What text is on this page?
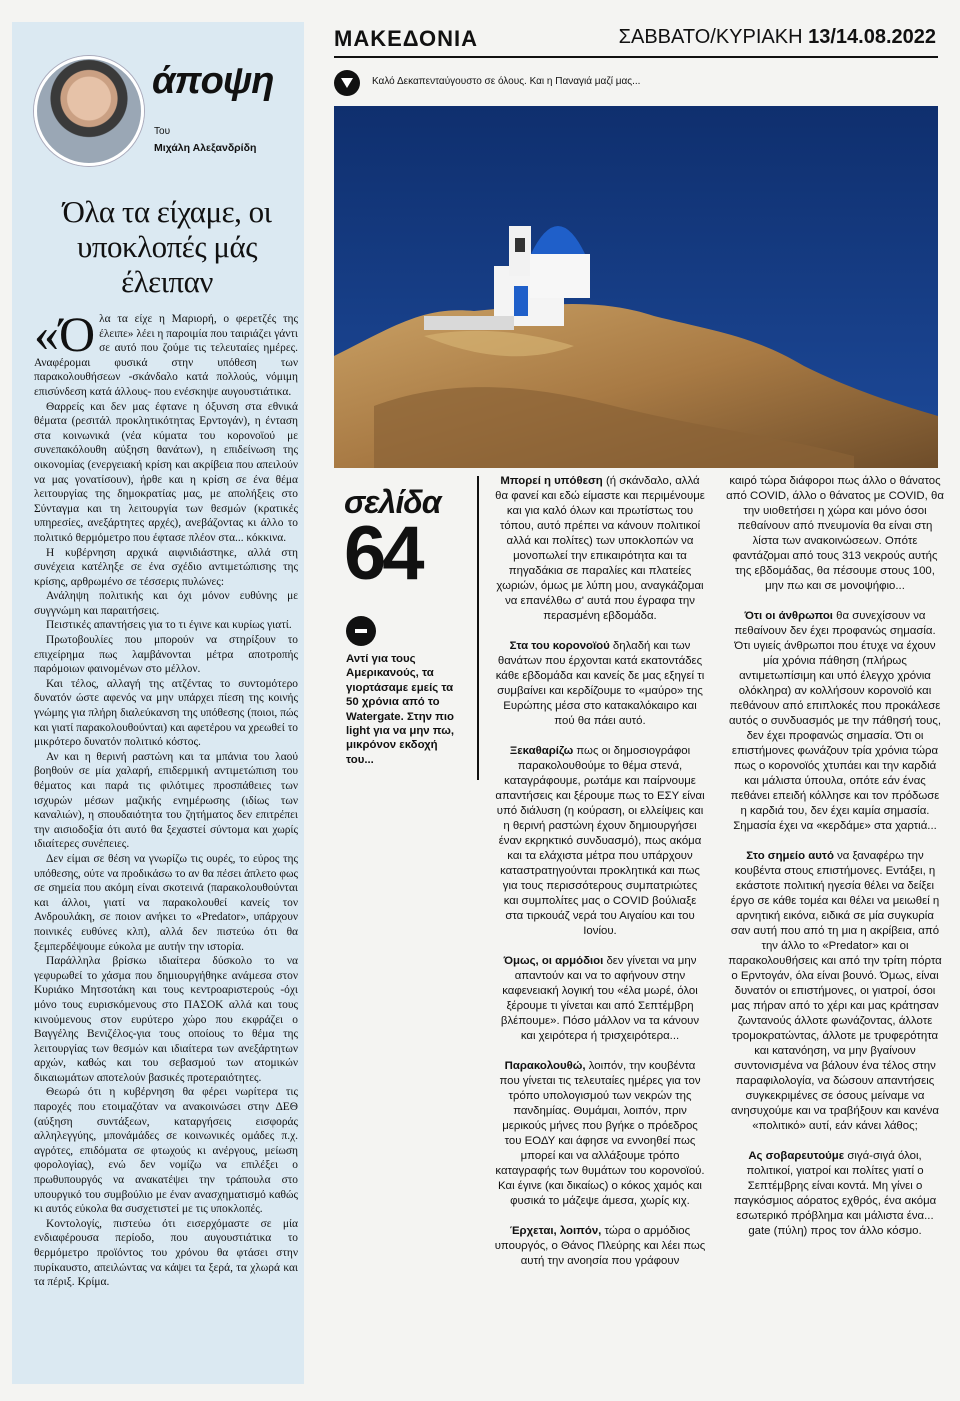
άποψη
Του
Μιχάλη Αλεξανδρίδη
Όλα τα είχαμε, οι υποκλοπές μάς έλειπαν

«Όλα τα είχε η Μαριορή, ο φερετζές της έλειπε» λέει η παροιμία που ταιριάζει γάντι σε αυτό που ζούμε τις τελευταίες ημέρες. Αναφέρομαι φυσικά στην υπόθεση των παρακολουθήσεων -σκάνδαλο κατά πολλούς, νόμιμη επισύνδεση κατά άλλους- που ενέσκηψε αυγουστιάτικα.

Θαρρείς και δεν μας έφτανε η όξυνση στα εθνικά θέματα (ρεσιτάλ προκλητικότητας Ερντογάν), η ένταση στα κοινωνικά (νέα κύματα του κορονοϊού με συνεπακόλουθη αύξηση θανάτων), η επιδείνωση της οικονομίας (ενεργειακή κρίση και ακρίβεια που απειλούν να μας γονατίσουν), ήρθε και η κρίση σε ένα θέμα λειτουργίας της δημοκρατίας μας, με απολήξεις στο Σύνταγμα και τη λειτουργία των θεσμών (κρατικές υπηρεσίες, ανεξάρτητες αρχές), ανεβάζοντας κι άλλο το πολιτικό θερμόμετρο που έφτασε πλέον στα... κόκκινα.

Η κυβέρνηση αρχικά αιφνιδιάστηκε, αλλά στη συνέχεια κατέληξε σε ένα σχέδιο αντιμετώπισης της κρίσης, αρθρωμένο σε τέσσερις πυλώνες:

Ανάληψη πολιτικής και όχι μόνον ευθύνης με συγγνώμη και παραιτήσεις.

Πειστικές απαντήσεις για το τι έγινε και κυρίως γιατί.

Πρωτοβουλίες που μπορούν να στηρίξουν το επιχείρημα πως λαμβάνονται μέτρα αποτροπής παρόμοιων φαινομένων στο μέλλον.

Και τέλος, αλλαγή της ατζέντας το συντομότερο δυνατόν ώστε αφενός να μην υπάρχει πίεση της κοινής γνώμης για πλήρη διαλεύκανση της υπόθεσης (ποιοι, πώς και γιατί παρακολουθούνται) και αφετέρου να χρεωθεί το μικρότερο δυνατόν πολιτικό κόστος.

Αν και η θερινή ραστώνη και τα μπάνια του λαού βοηθούν σε μία χαλαρή, επιδερμική αντιμετώπιση του θέματος και παρά τις φιλότιμες προσπάθειες των ισχυρών μέσων μαζικής ενημέρωσης (ιδίως των καναλιών), η σπουδαιότητα του ζητήματος δεν επιτρέπει την αισιοδοξία ότι αυτό θα ξεχαστεί σύντομα και χωρίς ιδιαίτερες συνέπειες.

Δεν είμαι σε θέση να γνωρίζω τις ουρές, το εύρος της υπόθεσης, ούτε να προδικάσω το αν θα πέσει άπλετο φως σε σημεία που ακόμη είναι σκοτεινά (παρακολουθούνται και άλλοι, γιατί να παρακολουθεί κανείς τον Ανδρουλάκη, σε ποιον ανήκει το «Predator», υπάρχουν ποινικές ευθύνες κλπ), αλλά δεν πιστεύω ότι θα ξεμπερδέψουμε εύκολα με αυτήν την ιστορία.

Παράλληλα βρίσκω ιδιαίτερα δύσκολο το να γεφυρωθεί το χάσμα που δημιουργήθηκε ανάμεσα στον Κυριάκο Μητσοτάκη και τους κεντροαριστερούς -όχι μόνο τους ευρισκόμενους στο ΠΑΣΟΚ αλλά και τους κινούμενους στον ευρύτερο χώρο που εκφράζει ο Βαγγέλης Βενιζέλος-για τους οποίους το θέμα της λειτουργίας των θεσμών και ιδιαίτερα των ανεξάρτητων αρχών, καθώς και του σεβασμού των ατομικών δικαιωμάτων αποτελούν βασικές προτεραιότητες.

Θεωρώ ότι η κυβέρνηση θα φέρει νωρίτερα τις παροχές που ετοιμαζόταν να ανακοινώσει στην ΔΕΘ (αύξηση συντάξεων, καταργήσεις εισφοράς αλληλεγγύης, μπονάμάδες σε κοινωνικές ομάδες π.χ. αγρότες, επιδόματα σε φτωχούς κι ανέργους, μείωση φορολογίας), ενώ δεν νομίζω να επιλέξει ο πρωθυπουργός να ανακατέψει την τράπουλα στο υπουργικό του συμβούλιο με έναν ανασχηματισμό καθώς κι αυτός εύκολα θα συσχετιστεί με τις υποκλοπές.

Κοντολογίς, πιστεύω ότι εισερχόμαστε σε μία ενδιαφέρουσα περίοδο, που αυγουστιάτικα το θερμόμετρο προϊόντος του χρόνου θα φτάσει στην πυρίκαυστο, απειλώντας να κάψει τα ξερά, τα χλωρά και τα πέριξ. Κρίμα.

ΜΑΚΕΔΟΝΙΑ	ΣΑΒΒΑΤΟ/ΚΥΡΙΑΚΗ 13/14.08.2022
Καλό Δεκαπενταύγουστο σε όλους. Και η Παναγιά μαζί μας...
σελίδα
64
Αντί για τους Αμερικανούς, τα γιορτάσαμε εμείς τα 50 χρόνια από το Watergate. Στην πιο light για να μην πω, μικρόνον εκδοχή του...

Μπορεί η υπόθεση (ή σκάνδαλο, αλλά θα φανεί και εδώ είμαστε και περιμένουμε και για καλό όλων και πρωτίστως του τόπου, αυτό πρέπει να κάνουν πολιτικοί αλλά και πολίτες) των υποκλοπών να μονοπωλεί την επικαιρότητα και τα πηγαδάκια σε παραλίες και πλατείες χωριών, όμως με λύπη μου, αναγκάζομαι να επανέλθω σ' αυτά που έγραφα την περασμένη εβδομάδα.

Στα του κορονοϊού δηλαδή και των θανάτων που έρχονται κατά εκατοντάδες κάθε εβδομάδα και κανείς δε μας εξηγεί τι συμβαίνει και κερδίζουμε το «μαύρο» της Ευρώπης μέσα στο κατακαλόκαιρο και πού θα πάει αυτό.

Ξεκαθαρίζω πως οι δημοσιογράφοι παρακολουθούμε το θέμα στενά, καταγράφουμε, ρωτάμε και παίρνουμε απαντήσεις και ξέρουμε πως το ΕΣΥ είναι υπό διάλυση (η κούραση, οι ελλείψεις και η θερινή ραστώνη έχουν δημιουργήσει έναν εκρηκτικό συνδυασμό), πως ακόμα και τα ελάχιστα μέτρα που υπάρχουν καταστρατηγούνται προκλητικά και πως για τους περισσότερους συμπατριώτες και συμπολίτες μας ο COVID βούλιαξε στα τιρκουάζ νερά του Αιγαίου και του Ιονίου.

Όμως, οι αρμόδιοι δεν γίνεται να μην απαντούν και να το αφήνουν στην καφενειακή λογική του «έλα μωρέ, όλοι ξέρουμε τι γίνεται και από Σεπτέμβρη βλέπουμε». Πόσο μάλλον να τα κάνουν και χειρότερα ή τρισχειρότερα...

Παρακολουθώ, λοιπόν, την κουβέντα που γίνεται τις τελευταίες ημέρες για τον τρόπο υπολογισμού των νεκρών της πανδημίας. Θυμάμαι, λοιπόν, πριν μερικούς μήνες που βγήκε ο πρόεδρος του ΕΟΔΥ και άφησε να εννοηθεί πως μπορεί και να αλλάξουμε τρόπο καταγραφής των θυμάτων του κορονοϊού. Και έγινε (και δικαίως) ο κόκος χαμός και φυσικά το μάζεψε άμεσα, χωρίς κιχ.

Έρχεται, λοιπόν, τώρα ο αρμόδιος υπουργός, ο Θάνος Πλεύρης και λέει πως αυτή την ανοησία που γράφουν

καιρό τώρα διάφοροι πως άλλο ο θάνατος από COVID, άλλο ο θάνατος με COVID, θα την υιοθετήσει η χώρα και μόνο όσοι πεθαίνουν από πνευμονία θα είναι στη λίστα των ανακοινώσεων. Οπότε φαντάζομαι από τους 313 νεκρούς αυτής της εβδομάδας, θα πέσουμε στους 100, μην πω και σε μονοψήφιο...

Ότι οι άνθρωποι θα συνεχίσουν να πεθαίνουν δεν έχει προφανώς σημασία. Ότι υγιείς άνθρωποι που έτυχε να έχουν μία χρόνια πάθηση (πλήρως αντιμετωπίσιμη και υπό έλεγχο χρόνια ολόκληρα) αν κολλήσουν κορονοϊό και πεθάνουν από επιπλοκές που προκάλεσε αυτός ο συνδυασμός με την πάθησή τους, δεν έχει προφανώς σημασία. Ότι οι επιστήμονες φωνάζουν τρία χρόνια τώρα πως ο κορονοϊός χτυπάει και την καρδιά και μάλιστα ύπουλα, οπότε εάν ένας πεθάνει επειδή κόλλησε και τον πρόδωσε η καρδιά του, δεν έχει καμία σημασία. Σημασία έχει να «κερδάμε» στα χαρτιά...

Στο σημείο αυτό να ξαναφέρω την κουβέντα στους επιστήμονες. Εντάξει, η εκάστοτε πολιτική ηγεσία θέλει να δείξει έργο σε κάθε τομέα και θέλει να μειωθεί η αρνητική εικόνα, ειδικά σε μία συγκυρία σαν αυτή που από τη μια η ακρίβεια, από την άλλο το «Predator» και οι παρακολουθήσεις και από την τρίτη πόρτα ο Ερντογάν, όλα είναι βουνό. Όμως, είναι δυνατόν οι επιστήμονες, οι γιατροί, όσοι μας πήραν από το χέρι και μας κράτησαν ζωντανούς άλλοτε φωνάζοντας, άλλοτε τρομοκρατώντας, άλλοτε με τρυφερότητα και κατανόηση, να μην βγαίνουν συντονισμένα να βάλουν ένα τέλος στην παραφιλολογία, να δώσουν απαντήσεις συγκεκριμένες σε όσους μείναμε να ανησυχούμε και να τραβήξουν και κανένα «πολιτικό» αυτί, εάν κάνει λάθος;

Ας σοβαρευτούμε σιγά-σιγά όλοι, πολιτικοί, γιατροί και πολίτες γιατί ο Σεπτέμβρης είναι κοντά. Μη γίνει ο παγκόσμιος αόρατος εχθρός, ένα ακόμα εσωτερικό πρόβλημα και μάλιστα ένα... gate (πύλη) προς τον άλλο κόσμο.
